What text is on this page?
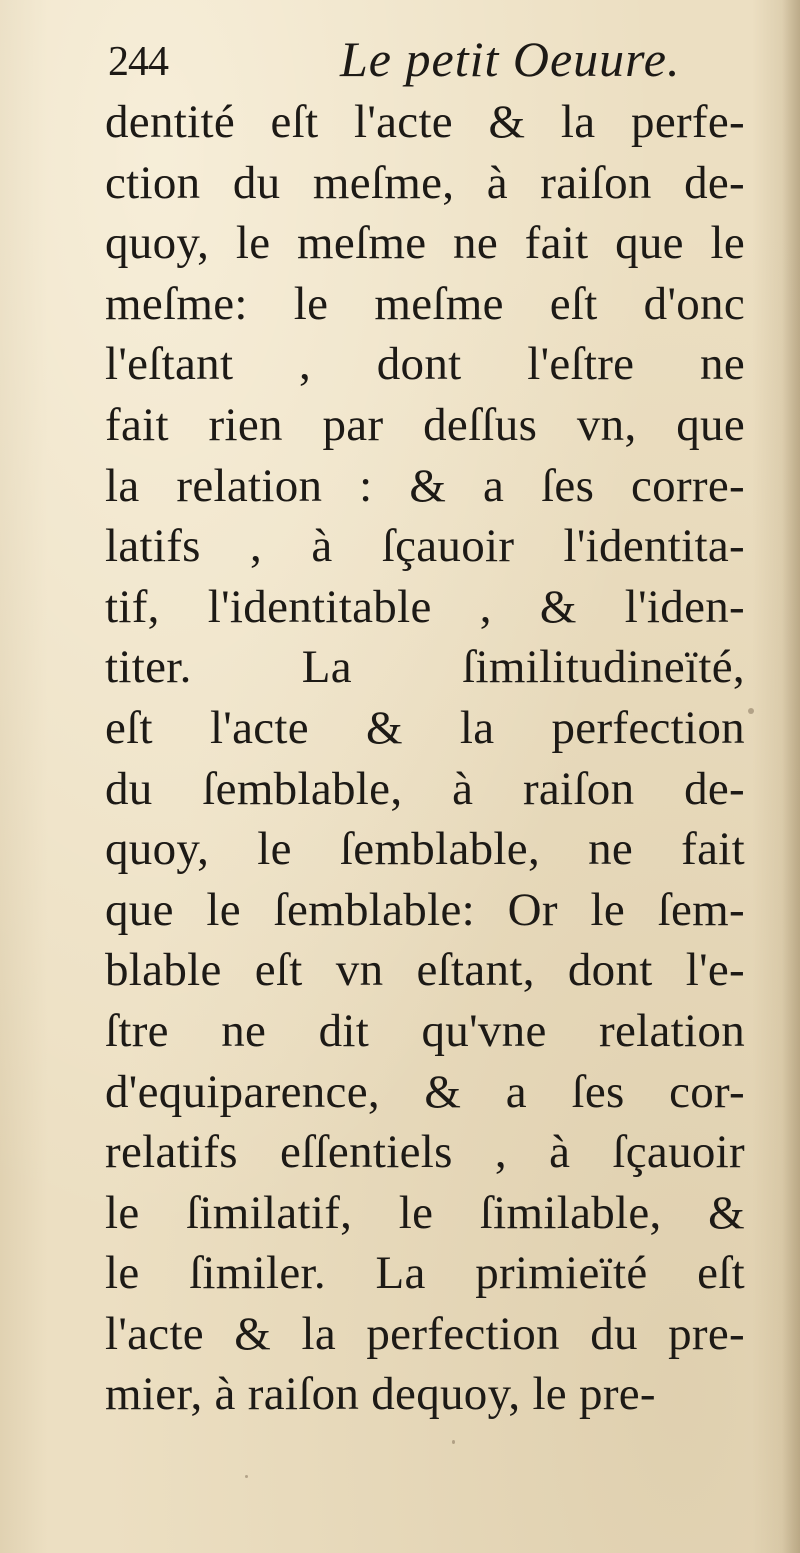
244	Le petit Oeuure.
dentité eſt l'acte & la perfe-
ction du meſme, à raiſon de-
quoy, le meſme ne fait que le
meſme: le meſme eſt d'onc
l'eſtant , dont l'eſtre ne
fait rien par deſſus vn, que
la relation : & a ſes corre-
latifs , à ſçauoir l'identita-
tif, l'identitable , & l'iden-
titer. La ſimilitudineïté,
eſt l'acte & la perfection
du ſemblable, à raiſon de-
quoy, le ſemblable, ne fait
que le ſemblable: Or le ſem-
blable eſt vn eſtant, dont l'e-
ſtre ne dit qu'vne relation
d'equiparence, & a ſes cor-
relatifs eſſentiels , à ſçauoir
le ſimilatif, le ſimilable, &
le ſimiler. La primieïté eſt
l'acte & la perfection du pre-
mier, à raiſon dequoy, le pre-
